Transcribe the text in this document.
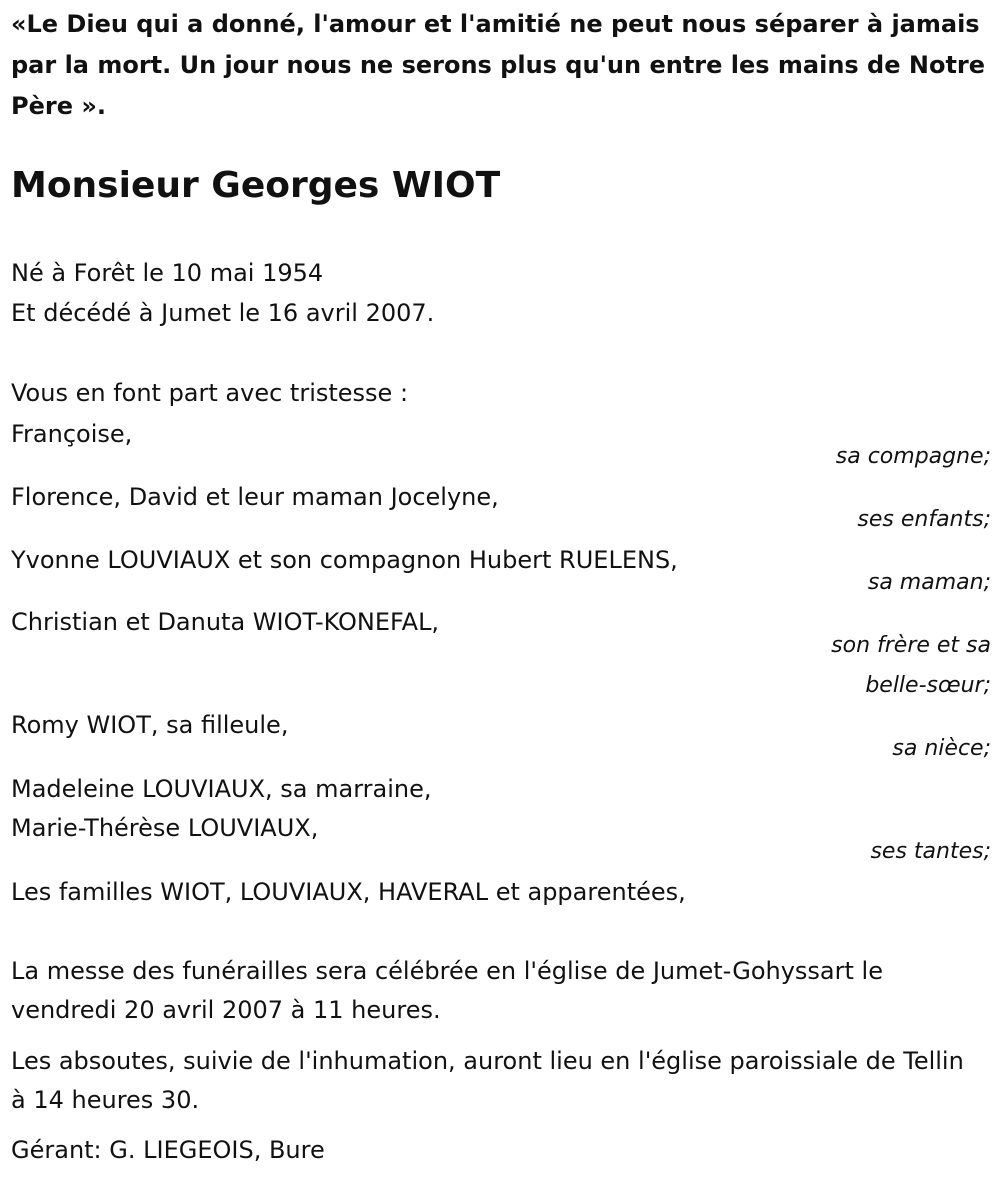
«Le Dieu qui a donné, l'amour et l'amitié ne peut nous séparer à jamais par la mort. Un jour nous ne serons plus qu'un entre les mains de Notre Père ».

Monsieur Georges WIOT

Né à Forêt le 10 mai 1954

Et décédé à Jumet le 16 avril 2007.

Vous en font part avec tristesse :

Françoise,

sa compagne;

Florence, David et leur maman Jocelyne,

ses enfants;

Yvonne LOUVIAUX et son compagnon Hubert RUELENS,

sa maman;

Christian et Danuta WIOT-KONEFAL,

son frère et sa

belle-sœur;

Romy WIOT, sa filleule,

sa nièce;

Madeleine LOUVIAUX, sa marraine,

Marie-Thérèse LOUVIAUX,

ses tantes;

Les familles WIOT, LOUVIAUX, HAVERAL et apparentées,

La messe des funérailles sera célébrée en l'église de Jumet-Gohyssart le vendredi 20 avril 2007 à 11 heures.

Les absoutes, suivie de l'inhumation, auront lieu en l'église paroissiale de Tellin à 14 heures 30.

Gérant: G. LIEGEOIS, Bure
